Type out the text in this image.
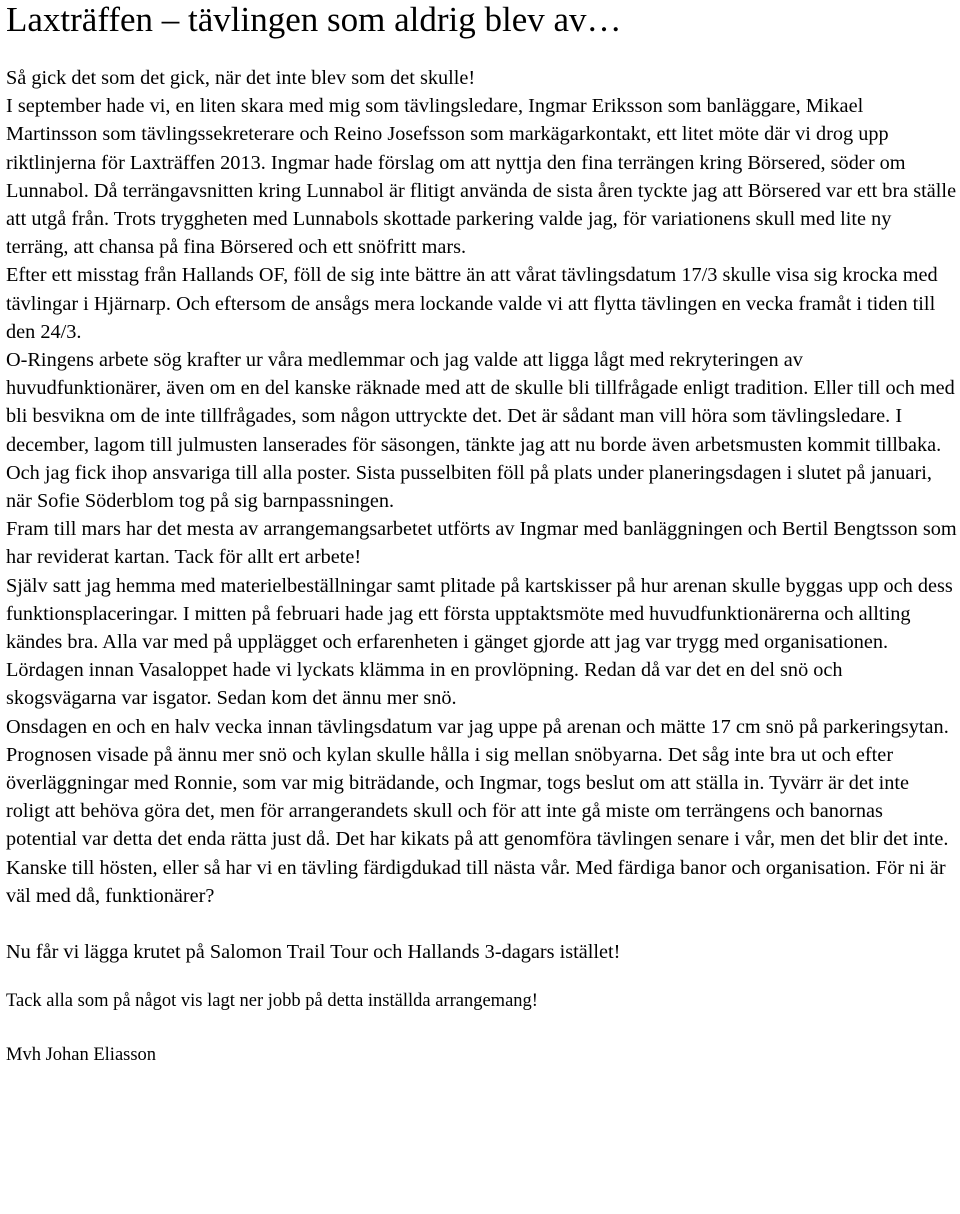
Laxträffen – tävlingen som aldrig blev av…

Så gick det som det gick, när det inte blev som det skulle!

I september hade vi, en liten skara med mig som tävlingsledare, Ingmar Eriksson som banläggare, Mikael Martinsson som tävlingssekreterare och Reino Josefsson som markägarkontakt, ett litet möte där vi drog upp riktlinjerna för Laxträffen 2013. Ingmar hade förslag om att nyttja den fina terrängen kring Börsered, söder om Lunnabol. Då terrängavsnitten kring Lunnabol är flitigt använda de sista åren tyckte jag att Börsered var ett bra ställe att utgå från. Trots tryggheten med Lunnabols skottade parkering valde jag, för variationens skull med lite ny terräng, att chansa på fina Börsered och ett snöfritt mars.

Efter ett misstag från Hallands OF, föll de sig inte bättre än att vårat tävlingsdatum 17/3 skulle visa sig krocka med tävlingar i Hjärnarp. Och eftersom de ansågs mera lockande valde vi att flytta tävlingen en vecka framåt i tiden till den 24/3.

O-Ringens arbete sög krafter ur våra medlemmar och jag valde att ligga lågt med rekryteringen av huvudfunktionärer, även om en del kanske räknade med att de skulle bli tillfrågade enligt tradition. Eller till och med bli besvikna om de inte tillfrågades, som någon uttryckte det. Det är sådant man vill höra som tävlingsledare. I december, lagom till julmusten lanserades för säsongen, tänkte jag att nu borde även arbetsmusten kommit tillbaka. Och jag fick ihop ansvariga till alla poster. Sista pusselbiten föll på plats under planeringsdagen i slutet på januari, när Sofie Söderblom tog på sig barnpassningen.

Fram till mars har det mesta av arrangemangsarbetet utförts av Ingmar med banläggningen och Bertil Bengtsson som har reviderat kartan. Tack för allt ert arbete!

Själv satt jag hemma med materielbeställningar samt plitade på kartskisser på hur arenan skulle byggas upp och dess funktionsplaceringar. I mitten på februari hade jag ett första upptaktsmöte med huvudfunktionärerna och allting kändes bra. Alla var med på upplägget och erfarenheten i gänget gjorde att jag var trygg med organisationen. Lördagen innan Vasaloppet hade vi lyckats klämma in en provlöpning. Redan då var det en del snö och skogsvägarna var isgator. Sedan kom det ännu mer snö.

Onsdagen en och en halv vecka innan tävlingsdatum var jag uppe på arenan och mätte 17 cm snö på parkeringsytan. Prognosen visade på ännu mer snö och kylan skulle hålla i sig mellan snöbyarna. Det såg inte bra ut och efter överläggningar med Ronnie, som var mig biträdande, och Ingmar, togs beslut om att ställa in. Tyvärr är det inte roligt att behöva göra det, men för arrangerandets skull och för att inte gå miste om terrängens och banornas potential var detta det enda rätta just då. Det har kikats på att genomföra tävlingen senare i vår, men det blir det inte. Kanske till hösten, eller så har vi en tävling färdigdukad till nästa vår. Med färdiga banor och organisation. För ni är väl med då, funktionärer?

Nu får vi lägga krutet på Salomon Trail Tour och Hallands 3-dagars istället!

Tack alla som på något vis lagt ner jobb på detta inställda arrangemang!

Mvh Johan Eliasson
